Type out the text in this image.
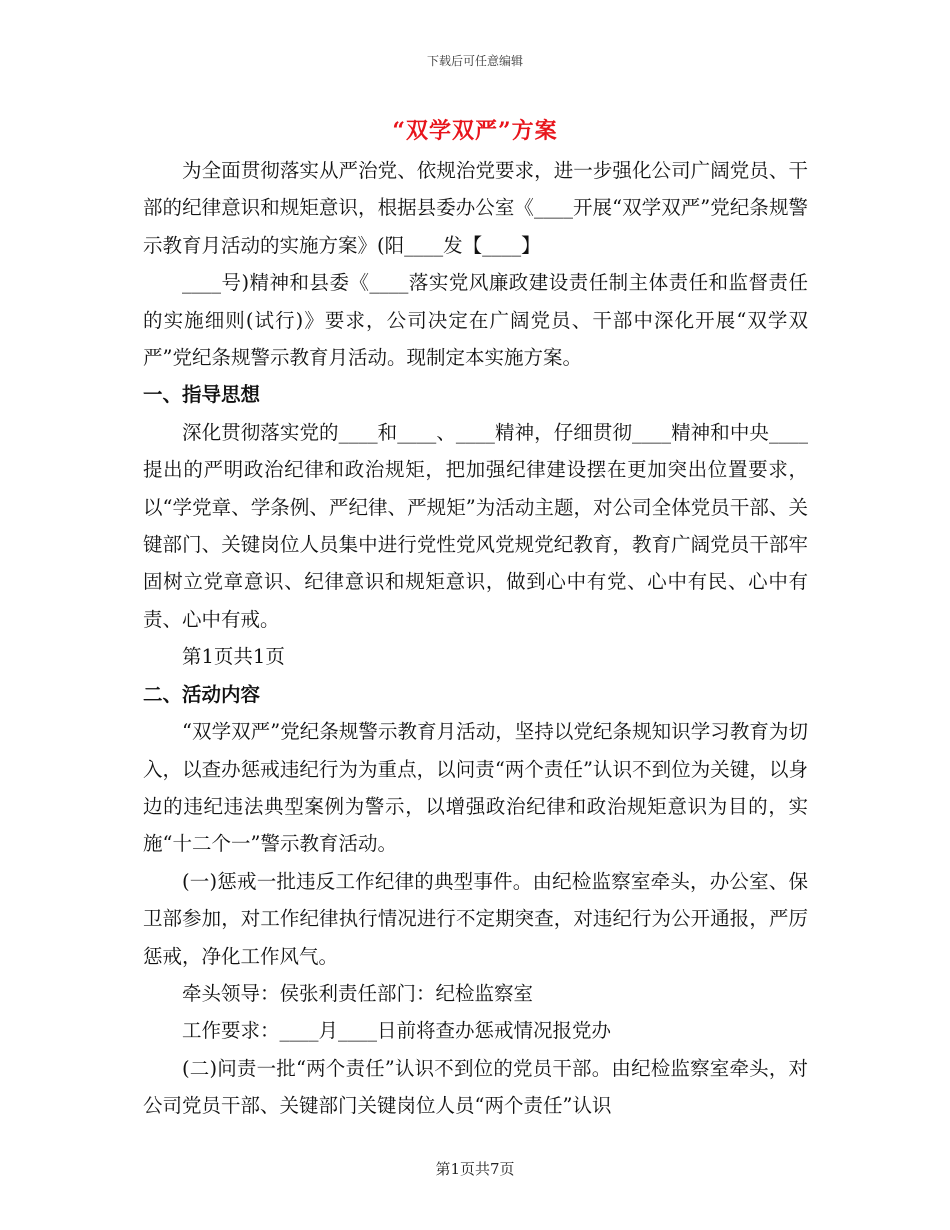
下载后可任意编辑
“双学双严”方案

为全面贯彻落实从严治党、依规治党要求，进一步强化公司广阔党员、干部的纪律意识和规矩意识，根据县委办公室《____开展“双学双严”党纪条规警示教育月活动的实施方案》(阳____发【____】

____号)精神和县委《____落实党风廉政建设责任制主体责任和监督责任的实施细则(试行)》要求，公司决定在广阔党员、干部中深化开展“双学双严”党纪条规警示教育月活动。现制定本实施方案。

一、指导思想

深化贯彻落实党的____和____、____精神，仔细贯彻____精神和中央____提出的严明政治纪律和政治规矩，把加强纪律建设摆在更加突出位置要求，以“学党章、学条例、严纪律、严规矩”为活动主题，对公司全体党员干部、关键部门、关键岗位人员集中进行党性党风党规党纪教育，教育广阔党员干部牢固树立党章意识、纪律意识和规矩意识，做到心中有党、心中有民、心中有责、心中有戒。

第1页共1页

二、活动内容

“双学双严”党纪条规警示教育月活动，坚持以党纪条规知识学习教育为切入，以查办惩戒违纪行为为重点，以问责“两个责任”认识不到位为关键，以身边的违纪违法典型案例为警示，以增强政治纪律和政治规矩意识为目的，实施“十二个一”警示教育活动。

(一)惩戒一批违反工作纪律的典型事件。由纪检监察室牵头，办公室、保卫部参加，对工作纪律执行情况进行不定期突查，对违纪行为公开通报，严厉惩戒，净化工作风气。

牵头领导：侯张利责任部门：纪检监察室

工作要求：____月____日前将查办惩戒情况报党办

(二)问责一批“两个责任”认识不到位的党员干部。由纪检监察室牵头，对公司党员干部、关键部门关键岗位人员“两个责任”认识

第1页共7页
